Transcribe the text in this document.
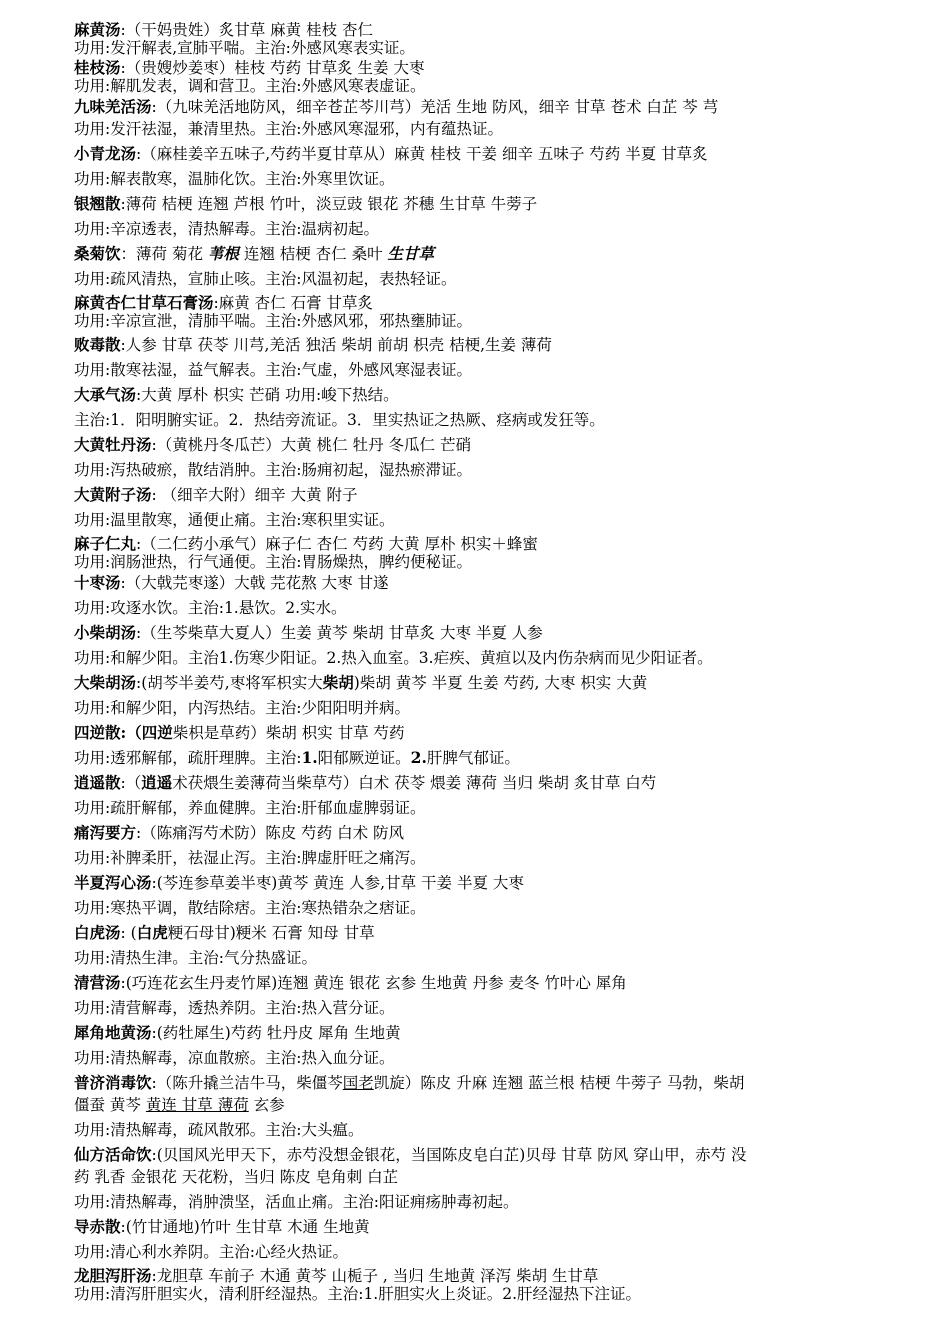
麻黄汤:（干妈贵姓）炙甘草 麻黄 桂枝 杏仁
功用:发汗解表,宣肺平喘。主治:外感风寒表实证。
桂枝汤:（贵嫂炒姜枣）桂枝 芍药 甘草炙 生姜 大枣
功用:解肌发表，调和营卫。主治:外感风寒表虚证。
九味羌活汤:（九味羌活地防风，细辛苍芷芩川芎）羌活 生地 防风，细辛 甘草 苍术 白芷 芩 芎
功用:发汗祛湿，兼清里热。主治:外感风寒湿邪，内有蕴热证。
小青龙汤:（麻桂姜辛五味子,芍药半夏甘草从）麻黄 桂枝 干姜 细辛 五味子 芍药 半夏 甘草炙
功用:解表散寒，温肺化饮。主治:外寒里饮证。
银翘散:薄荷 桔梗 连翘 芦根 竹叶，淡豆豉 银花 芥穗 生甘草 牛蒡子
功用:辛凉透表，清热解毒。主治:温病初起。
桑菊饮：薄荷 菊花 苇根 连翘 桔梗 杏仁 桑叶 生甘草
功用:疏风清热，宣肺止咳。主治:风温初起，表热轻证。
麻黄杏仁甘草石膏汤:麻黄 杏仁 石膏 甘草炙
功用:辛凉宣泄，清肺平喘。主治:外感风邪，邪热壅肺证。
败毒散:人参 甘草 茯苓 川芎,羌活 独活 柴胡 前胡 枳壳 桔梗,生姜 薄荷
功用:散寒祛湿，益气解表。主治:气虚，外感风寒湿表证。
大承气汤:大黄 厚朴 枳实 芒硝 功用:峻下热结。
主治:1．阳明腑实证。2．热结旁流证。3．里实热证之热厥、痉病或发狂等。
大黄牡丹汤:（黄桃丹冬瓜芒）大黄 桃仁 牡丹 冬瓜仁 芒硝
功用:泻热破瘀，散结消肿。主治:肠痈初起，湿热瘀滞证。
大黄附子汤: （细辛大附）细辛 大黄 附子
功用:温里散寒，通便止痛。主治:寒积里实证。
麻子仁丸:（二仁药小承气）麻子仁 杏仁 芍药 大黄 厚朴 枳实＋蜂蜜
功用:润肠泄热，行气通便。主治:胃肠燥热，脾约便秘证。
十枣汤:（大戟芫枣遂）大戟 芫花熬 大枣 甘遂
功用:攻逐水饮。主治:1.悬饮。2.实水。
小柴胡汤:（生芩柴草大夏人）生姜 黄芩 柴胡 甘草炙 大枣 半夏 人参
功用:和解少阳。主治1.伤寒少阳证。2.热入血室。3.疟疾、黄疸以及内伤杂病而见少阳证者。
大柴胡汤:(胡芩半姜芍,枣将军枳实大柴胡)柴胡 黄芩 半夏 生姜 芍药, 大枣 枳实 大黄
功用:和解少阳，内泻热结。主治:少阳阳明并病。
四逆散:（四逆柴枳是草药）柴胡 枳实 甘草 芍药
功用:透邪解郁，疏肝理脾。主治:1.阳郁厥逆证。2.肝脾气郁证。
逍遥散:（逍遥术茯煨生姜薄荷当柴草芍）白术 茯苓 煨姜 薄荷 当归 柴胡 炙甘草 白芍
功用:疏肝解郁，养血健脾。主治:肝郁血虚脾弱证。
痛泻要方:（陈痛泻芍术防）陈皮 芍药 白术 防风
功用:补脾柔肝，祛湿止泻。主治:脾虚肝旺之痛泻。
半夏泻心汤:(芩连参草姜半枣)黄芩 黄连 人参,甘草 干姜 半夏 大枣
功用:寒热平调，散结除痞。主治:寒热错杂之痞证。
白虎汤: (白虎粳石母甘)粳米 石膏 知母 甘草
功用:清热生津。主治:气分热盛证。
清营汤:(巧连花玄生丹麦竹犀)连翘 黄连 银花 玄参 生地黄 丹参 麦冬 竹叶心 犀角
功用:清营解毒，透热养阴。主治:热入营分证。
犀角地黄汤:(药牡犀生)芍药 牡丹皮 犀角 生地黄
功用:清热解毒，凉血散瘀。主治:热入血分证。
普济消毒饮:（陈升撬兰洁牛马，柴僵芩国老凯旋）陈皮 升麻 连翘 蓝兰根 桔梗 牛蒡子 马勃，柴胡
僵蚕 黄芩 黄连 甘草 薄荷 玄参
功用:清热解毒，疏风散邪。主治:大头瘟。
仙方活命饮:(贝国风光甲天下，赤芍没想金银花，当国陈皮皂白芷)贝母 甘草 防风 穿山甲，赤芍 没
药 乳香 金银花 天花粉，当归 陈皮 皂角刺 白芷
功用:清热解毒，消肿溃坚，活血止痛。主治:阳证痈疡肿毒初起。
导赤散:(竹甘通地)竹叶 生甘草 木通 生地黄
功用:清心利水养阴。主治:心经火热证。
龙胆泻肝汤:龙胆草 车前子 木通 黄芩 山栀子 , 当归 生地黄 泽泻 柴胡 生甘草
功用:清泻肝胆实火，清利肝经湿热。主治:1.肝胆实火上炎证。2.肝经湿热下注证。
